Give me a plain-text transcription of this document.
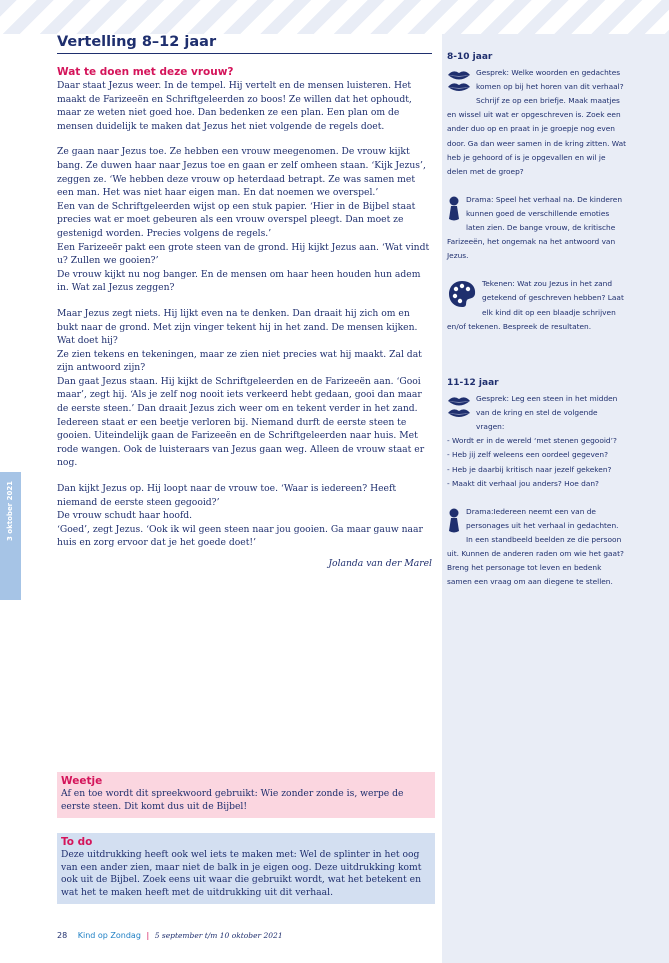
Vertelling 8–12 jaar
Wat te doen met deze vrouw?

Daar staat Jezus weer. In de tempel. Hij vertelt en de mensen luisteren. Het maakt de Farizeeën en Schriftgeleerden zo boos! Ze willen dat het ophoudt, maar ze weten niet goed hoe. Dan bedenken ze een plan. Een plan om de mensen duidelijk te maken dat Jezus het niet volgende de regels doet.

Ze gaan naar Jezus toe. Ze hebben een vrouw meegenomen. De vrouw kijkt bang. Ze duwen haar naar Jezus toe en gaan er zelf omheen staan. ‘Kijk Jezus’, zeggen ze. ‘We hebben deze vrouw op heterdaad betrapt. Ze was samen met een man. Het was niet haar eigen man. En dat noemen we overspel.’
Een van de Schriftgeleerden wijst op een stuk papier. ‘Hier in de Bijbel staat precies wat er moet gebeuren als een vrouw overspel pleegt. Dan moet ze gestenigd worden. Precies volgens de regels.’
Een Farizeeër pakt een grote steen van de grond. Hij kijkt Jezus aan. ‘Wat vindt u? Zullen we gooien?’
De vrouw kijkt nu nog banger. En de mensen om haar heen houden hun adem in. Wat zal Jezus zeggen?

Maar Jezus zegt niets. Hij lijkt even na te denken. Dan draait hij zich om en bukt naar de grond. Met zijn vinger tekent hij in het zand. De mensen kijken. Wat doet hij?
Ze zien tekens en tekeningen, maar ze zien niet precies wat hij maakt. Zal dat zijn antwoord zijn?
Dan gaat Jezus staan. Hij kijkt de Schriftgeleerden en de Farizeeën aan. ‘Gooi maar’, zegt hij. ‘Als je zelf nog nooit iets verkeerd hebt gedaan, gooi dan maar de eerste steen.’ Dan draait Jezus zich weer om en tekent verder in het zand.
Iedereen staat er een beetje verloren bij. Niemand durft de eerste steen te gooien. Uiteindelijk gaan de Farizeeën en de Schriftgeleerden naar huis. Met rode wangen. Ook de luisteraars van Jezus gaan weg. Alleen de vrouw staat er nog.

Dan kijkt Jezus op. Hij loopt naar de vrouw toe. ‘Waar is iedereen? Heeft niemand de eerste steen gegooid?’
De vrouw schudt haar hoofd.
‘Goed’, zegt Jezus. ‘Ook ik wil geen steen naar jou gooien. Ga maar gauw naar huis en zorg ervoor dat je het goede doet!’

Jolanda van der Marel
Weetje
Af en toe wordt dit spreekwoord gebruikt: Wie zonder zonde is, werpe de eerste steen. Dit komt dus uit de Bijbel!
To do
Deze uitdrukking heeft ook wel iets te maken met: Wel de splinter in het oog van een ander zien, maar niet de balk in je eigen oog. Deze uitdrukking komt ook uit de Bijbel. Zoek eens uit waar die gebruikt wordt, wat het betekent en wat het te maken heeft met de uitdrukking uit dit verhaal.
3 oktober 2021
28 Kind op Zondag | 5 september t/m 10 oktober 2021
8-10 jaar
Gesprek: Welke woorden en gedachtes komen op bij het horen van dit verhaal? Schrijf ze op een briefje. Maak maatjes en wissel uit wat er opgeschreven is. Zoek een ander duo op en praat in je groepje nog even door. Ga dan weer samen in de kring zitten. Wat heb je gehoord of is je opgevallen en wil je delen met de groep?
Drama: Speel het verhaal na. De kinderen kunnen goed de verschillende emoties laten zien. De bange vrouw, de kritische Farizeeën, het ongemak na het antwoord van Jezus.
Tekenen: Wat zou Jezus in het zand getekend of geschreven hebben? Laat elk kind dit op een blaadje schrijven en/of tekenen. Bespreek de resultaten.
11-12 jaar
Gesprek: Leg een steen in het midden van de kring en stel de volgende vragen:
- Wordt er in de wereld ‘met stenen gegooid’?
- Heb jij zelf weleens een oordeel gegeven?
- Heb je daarbij kritisch naar jezelf gekeken?
- Maakt dit verhaal jou anders? Hoe dan?
Drama:Iedereen neemt een van de personages uit het verhaal in gedachten. In een standbeeld beelden ze die persoon uit. Kunnen de anderen raden om wie het gaat? Breng het personage tot leven en bedenk samen een vraag om aan diegene te stellen.
